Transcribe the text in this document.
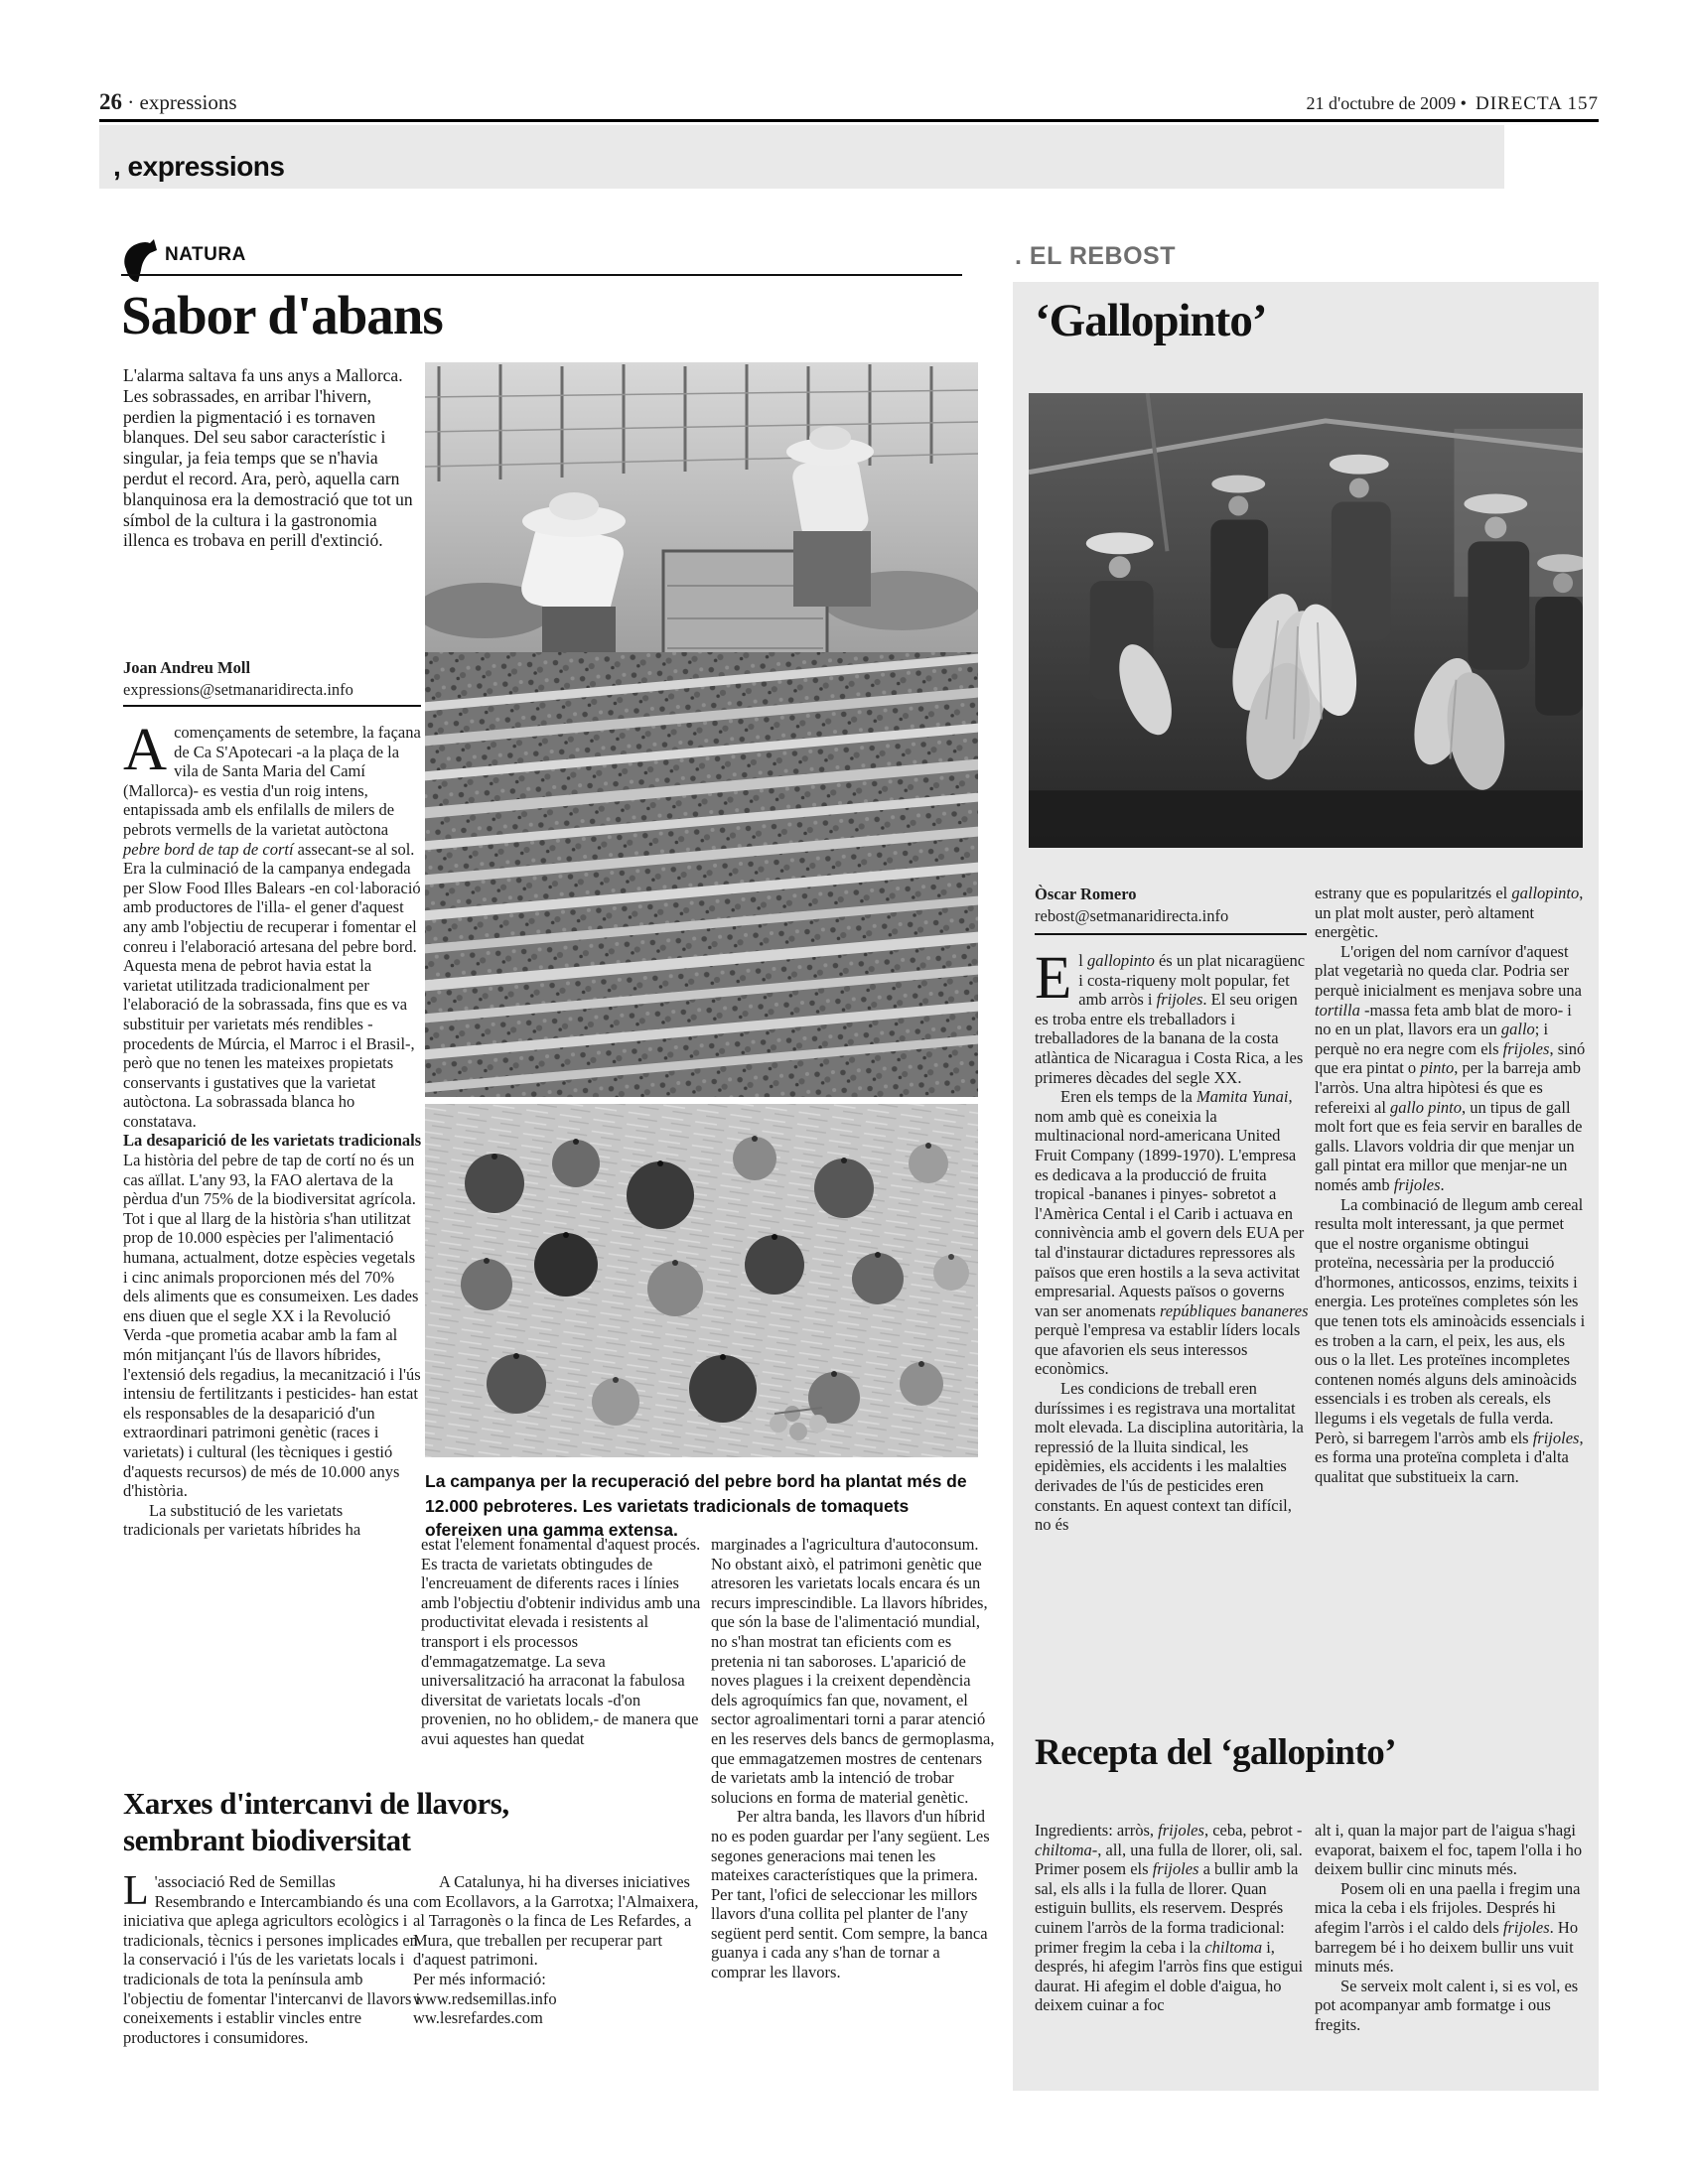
26 · expressions	21 d'octubre de 2009 • DIRECTA 157
, expressions
NATURA
Sabor d'abans
L'alarma saltava fa uns anys a Mallorca. Les sobrassades, en arribar l'hivern, perdien la pigmentació i es tornaven blanques. Del seu sabor característic i singular, ja feia temps que se n'havia perdut el record. Ara, però, aquella carn blanquinosa era la demostració que tot un símbol de la cultura i la gastronomia illenca es trobava en perill d'extinció.
Joan Andreu Moll
expressions@setmanaridirecta.info

Acomençaments de setembre, la façana de Ca S'Apotecari -a la plaça de la vila de Santa Maria del Camí (Mallorca)- es vestia d'un roig intens, entapissada amb els enfilalls de milers de pebrots vermells de la varietat autòctona pebre bord de tap de cortí assecant-se al sol. Era la culminació de la campanya endegada per Slow Food Illes Balears -en col·laboració amb productores de l'illa- el gener d'aquest any amb l'objectiu de recuperar i fomentar el conreu i l'elaboració artesana del pebre bord. Aquesta mena de pebrot havia estat la varietat utilitzada tradicionalment per l'elaboració de la sobrassada, fins que es va substituir per varietats més rendibles -procedents de Múrcia, el Marroc i el Brasil-, però que no tenen les mateixes propietats conservants i gustatives que la varietat autòctona. La sobrassada blanca ho constatava.

La desaparició de les varietats tradicionals

La història del pebre de tap de cortí no és un cas aïllat. L'any 93, la FAO alertava de la pèrdua d'un 75% de la biodiversitat agrícola. Tot i que al llarg de la història s'han utilitzat prop de 10.000 espècies per l'alimentació humana, actualment, dotze espècies vegetals i cinc animals proporcionen més del 70% dels aliments que es consumeixen. Les dades ens diuen que el segle XX i la Revolució Verda -que prometia acabar amb la fam al món mitjançant l'ús de llavors híbrides, l'extensió dels regadius, la mecanització i l'ús intensiu de fertilitzants i pesticides- han estat els responsables de la desaparició d'un extraordinari patrimoni genètic (races i varietats) i cultural (les tècniques i gestió d'aquests recursos) de més de 10.000 anys d'història.

La substitució de les varietats tradicionals per varietats híbrides ha

La campanya per la recuperació del pebre bord ha plantat més de 12.000 pebroteres. Les varietats tradicionals de tomaquets ofereixen una gamma extensa.

estat l'element fonamental d'aquest procés. Es tracta de varietats obtingudes de l'encreuament de diferents races i línies amb l'objectiu d'obtenir individus amb una productivitat elevada i resistents al transport i els processos d'emmagatzematge. La seva universalització ha arraconat la fabulosa diversitat de varietats locals -d'on provenien, no ho oblidem,- de manera que avui aquestes han quedat

marginades a l'agricultura d'autoconsum. No obstant això, el patrimoni genètic que atresoren les varietats locals encara és un recurs imprescindible. La llavors híbrides, que són la base de l'alimentació mundial, no s'han mostrat tan eficients com es pretenia ni tan saboroses. L'aparició de noves plagues i la creixent dependència dels agroquímics fan que, novament, el sector agroalimentari torni a parar atenció en les reserves dels bancs de germoplasma, que emmagatzemen mostres de centenars de varietats amb la intenció de trobar solucions en forma de material genètic.

Per altra banda, les llavors d'un híbrid no es poden guardar per l'any següent. Les segones generacions mai tenen les mateixes característiques que la primera. Per tant, l'ofici de seleccionar les millors llavors d'una collita pel planter de l'any següent perd sentit. Com sempre, la banca guanya i cada any s'han de tornar a comprar les llavors.

Xarxes d'intercanvi de llavors,
sembrant biodiversitat

L 'associació Red de Semillas Resembrando e Intercambiando és una iniciativa que aplega agricultors ecològics i tradicionals, tècnics i persones implicades en la conservació i l'ús de les varietats locals i tradicionals de tota la península amb l'objectiu de fomentar l'intercanvi de llavors i coneixements i establir vincles entre productores i consumidores.

A Catalunya, hi ha diverses iniciatives com Ecollavors, a la Garrotxa; l'Almaixera, al Tarragonès o la finca de Les Refardes, a Mura, que treballen per recuperar part d'aquest patrimoni.

Per més informació:

www.redsemillas.info

ww.lesrefardes.com

. EL REBOST
‘Gallopinto’
Òscar Romero
rebost@setmanaridirecta.info

El gallopinto és un plat nicaragüenc i costa-riqueny molt popular, fet amb arròs i frijoles. El seu origen es troba entre els treballadors i treballadores de la banana de la costa atlàntica de Nicaragua i Costa Rica, a les primeres dècades del segle XX.

Eren els temps de la Mamita Yunai, nom amb què es coneixia la multinacional nord-americana United Fruit Company (1899-1970). L'empresa es dedicava a la producció de fruita tropical -bananes i pinyes- sobretot a l'Amèrica Cental i el Carib i actuava en connivència amb el govern dels EUA per tal d'instaurar dictadures repressores als països que eren hostils a la seva activitat empresarial. Aquests països o governs van ser anomenats repúbliques bananeres perquè l'empresa va establir líders locals que afavorien els seus interessos econòmics.

Les condicions de treball eren duríssimes i es registrava una mortalitat molt elevada. La disciplina autoritària, la repressió de la lluita sindical, les epidèmies, els accidents i les malalties derivades de l'ús de pesticides eren constants. En aquest context tan difícil, no és

estrany que es popularitzés el gallopinto, un plat molt auster, però altament energètic.

L'origen del nom carnívor d'aquest plat vegetarià no queda clar. Podria ser perquè inicialment es menjava sobre una tortilla -massa feta amb blat de moro- i no en un plat, llavors era un gallo; i perquè no era negre com els frijoles, sinó que era pintat o pinto, per la barreja amb l'arròs. Una altra hipòtesi és que es refereixi al gallo pinto, un tipus de gall molt fort que es feia servir en baralles de galls. Llavors voldria dir que menjar un gall pintat era millor que menjar-ne un només amb frijoles.

La combinació de llegum amb cereal resulta molt interessant, ja que permet que el nostre organisme obtingui proteïna, necessària per la producció d'hormones, anticossos, enzims, teixits i energia. Les proteïnes completes són les que tenen tots els aminoàcids essencials i es troben a la carn, el peix, les aus, els ous o la llet. Les proteïnes incompletes contenen només alguns dels aminoàcids essencials i es troben als cereals, els llegums i els vegetals de fulla verda. Però, si barregem l'arròs amb els frijoles, es forma una proteïna completa i d'alta qualitat que substitueix la carn.

Recepta del ‘gallopinto’

Ingredients: arròs, frijoles, ceba, pebrot -chiltoma-, all, una fulla de llorer, oli, sal.

Primer posem els frijoles a bullir amb la sal, els alls i la fulla de llorer. Quan estiguin bullits, els reservem. Després cuinem l'arròs de la forma tradicional: primer fregim la ceba i la chiltoma i, després, hi afegim l'arròs fins que estigui daurat. Hi afegim el doble d'aigua, ho deixem cuinar a foc

alt i, quan la major part de l'aigua s'hagi evaporat, baixem el foc, tapem l'olla i ho deixem bullir cinc minuts més.

Posem oli en una paella i fregim una mica la ceba i els frijoles. Després hi afegim l'arròs i el caldo dels frijoles. Ho barregem bé i ho deixem bullir uns vuit minuts més.

Se serveix molt calent i, si es vol, es pot acompanyar amb formatge i ous fregits.
